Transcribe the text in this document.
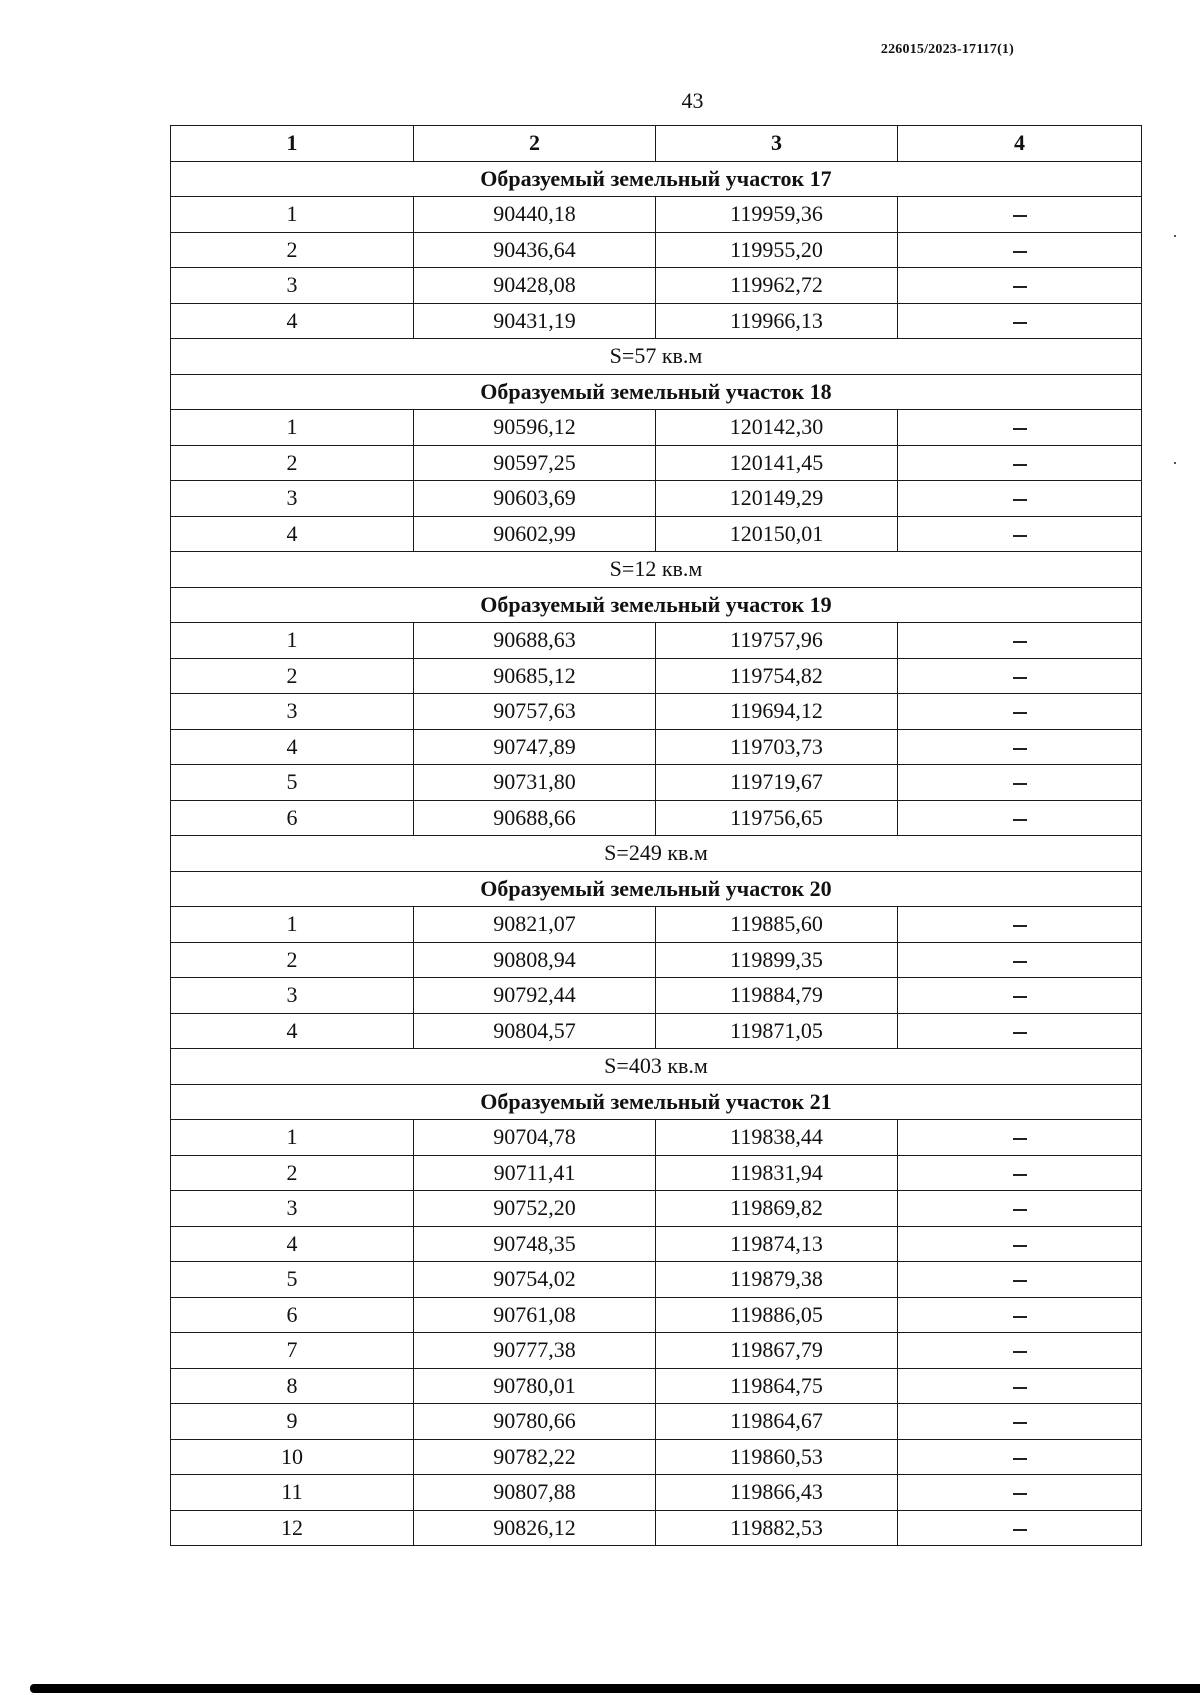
226015/2023-17117(1)
43
1	2	3	4
Образуемый земельный участок 17			
1	90440,18	119959,36	
2	90436,64	119955,20	
3	90428,08	119962,72	
4	90431,19	119966,13	
S=57 кв.м			
Образуемый земельный участок 18			
1	90596,12	120142,30	
2	90597,25	120141,45	
3	90603,69	120149,29	
4	90602,99	120150,01	
S=12 кв.м			
Образуемый земельный участок 19			
1	90688,63	119757,96	
2	90685,12	119754,82	
3	90757,63	119694,12	
4	90747,89	119703,73	
5	90731,80	119719,67	
6	90688,66	119756,65	
S=249 кв.м			
Образуемый земельный участок 20			
1	90821,07	119885,60	
2	90808,94	119899,35	
3	90792,44	119884,79	
4	90804,57	119871,05	
S=403 кв.м			
Образуемый земельный участок 21			
1	90704,78	119838,44	
2	90711,41	119831,94	
3	90752,20	119869,82	
4	90748,35	119874,13	
5	90754,02	119879,38	
6	90761,08	119886,05	
7	90777,38	119867,79	
8	90780,01	119864,75	
9	90780,66	119864,67	
10	90782,22	119860,53	
11	90807,88	119866,43	
12	90826,12	119882,53	
